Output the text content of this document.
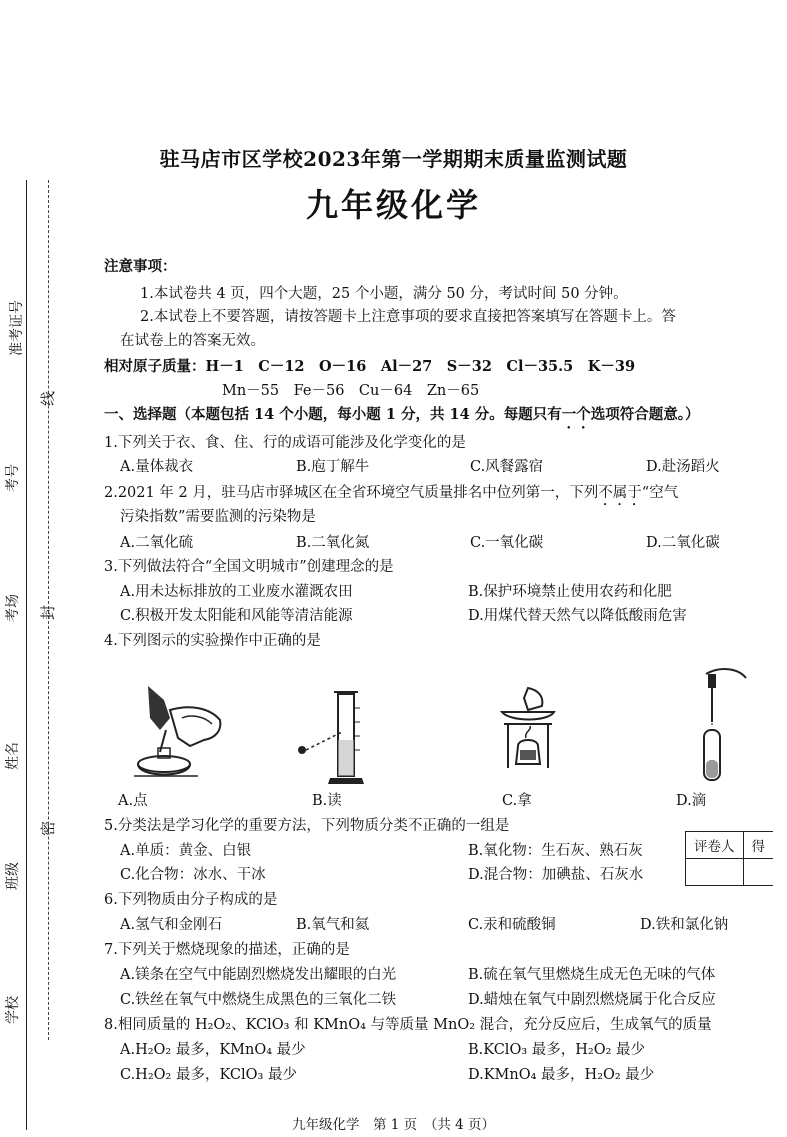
准考证号
考号
考场
姓名
班级
学校
线
封
密
驻马店市区学校2023年第一学期期末质量监测试题
九年级化学
注意事项：
1.本试卷共 4 页，四个大题，25 个小题，满分 50 分，考试时间 50 分钟。
2.本试卷上不要答题，请按答题卡上注意事项的要求直接把答案填写在答题卡上。答
在试卷上的答案无效。
相对原子质量：H－1　C－12　O－16　Al－27　S－32　Cl－35.5　K－39
Mn－55　Fe－56　Cu－64　Zn－65
一、选择题（本题包括 14 个小题，每小题 1 分，共 14 分。每题只有一个选项符合题意。）
1.下列关于衣、食、住、行的成语可能涉及化学变化的是
A.量体裁衣	B.庖丁解牛	C.风餐露宿	D.赴汤蹈火
2.2021 年 2 月，驻马店市驿城区在全省环境空气质量排名中位列第一，下列不属于“空气
污染指数”需要监测的污染物是
A.二氧化硫	B.二氧化氮	C.一氧化碳	D.二氧化碳
3.下列做法符合“全国文明城市”创建理念的是
A.用未达标排放的工业废水灌溉农田	B.保护环境禁止使用农药和化肥
C.积极开发太阳能和风能等清洁能源	D.用煤代替天然气以降低酸雨危害
4.下列图示的实验操作中正确的是
A.点	B.读	C.拿	D.滴
5.分类法是学习化学的重要方法，下列物质分类不正确的一组是
A.单质：黄金、白银	B.氧化物：生石灰、熟石灰
C.化合物：冰水、干冰	D.混合物：加碘盐、石灰水
评卷人	得

6.下列物质由分子构成的是
A.氢气和金刚石	B.氧气和氦	C.汞和硫酸铜	D.铁和氯化钠
7.下列关于燃烧现象的描述，正确的是
A.镁条在空气中能剧烈燃烧发出耀眼的白光	B.硫在氧气里燃烧生成无色无味的气体
C.铁丝在氧气中燃烧生成黑色的三氧化二铁	D.蜡烛在氧气中剧烈燃烧属于化合反应
8.相同质量的 H₂O₂、KClO₃ 和 KMnO₄ 与等质量 MnO₂ 混合，充分反应后，生成氧气的质量
A.H₂O₂ 最多，KMnO₄ 最少	B.KClO₃ 最多，H₂O₂ 最少
C.H₂O₂ 最多，KClO₃ 最少	D.KMnO₄ 最多，H₂O₂ 最少
九年级化学　第 1 页　（共 4 页）
